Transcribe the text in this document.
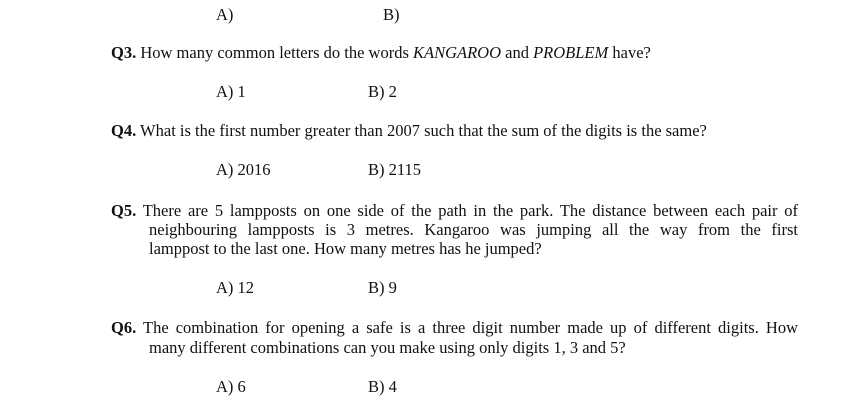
A)	B)
Q3. How many common letters do the words KANGAROO and PROBLEM have?
A) 1	B) 2
Q4. What is the first number greater than 2007 such that the sum of the digits is the same?
A) 2016	B) 2115
Q5. There are 5 lampposts on one side of the path in the park. The distance between each pair of
neighbouring lampposts is 3 metres. Kangaroo was jumping all the way from the first
lamppost to the last one. How many metres has he jumped?
A) 12	B) 9
Q6. The combination for opening a safe is a three digit number made up of different digits. How
many different combinations can you make using only digits 1, 3 and 5?
A) 6	B) 4
